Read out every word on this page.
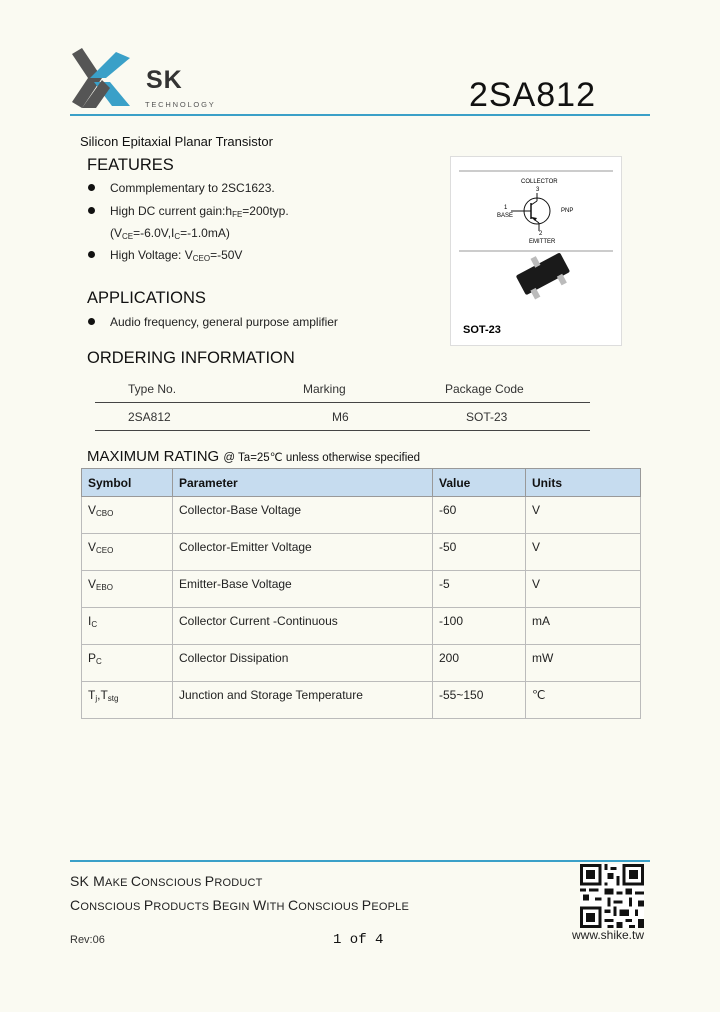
SK
TECHNOLOGY	2SA812
Silicon Epitaxial Planar Transistor
FEATURES
Commplementary to 2SC1623.
High DC current $gain:h_{FE}=200typ$.
$(V_{CE}=-6.0V,I_C=-1.0mA)$
High Voltage: $V_{CEO}=-50V$
COLLECTOR
3
1
BASE
PNP
2
EMITTER
SOT-23
APPLICATIONS
Audio frequency, general purpose amplifier
ORDERING INFORMATION
Type No.	Marking	Package Code
2SA812	M6	SOT-23
MAXIMUM RATING @ Ta=25℃ unless otherwise specified
Symbol	Parameter	Value	Units
$V_{CBO}$	Collector-Base Voltage	-60	V
$V_{CEO}$	Collector-Emitter Voltage	-50	V
$V_{EBO}$	Emitter-Base Voltage	-5	V
$I_C$	Collector Current -Continuous	-100	mA
$P_C$	Collector Dissipation	200	mW
$T_j,T_{stg}$	Junction and Storage Temperature	-55~150	℃
SK MAKE CONSCIOUS PRODUCT
CONSCIOUS PRODUCTS BEGIN WITH CONSCIOUS PEOPLE
Rev:06	1 of 4	www.shike.tw
